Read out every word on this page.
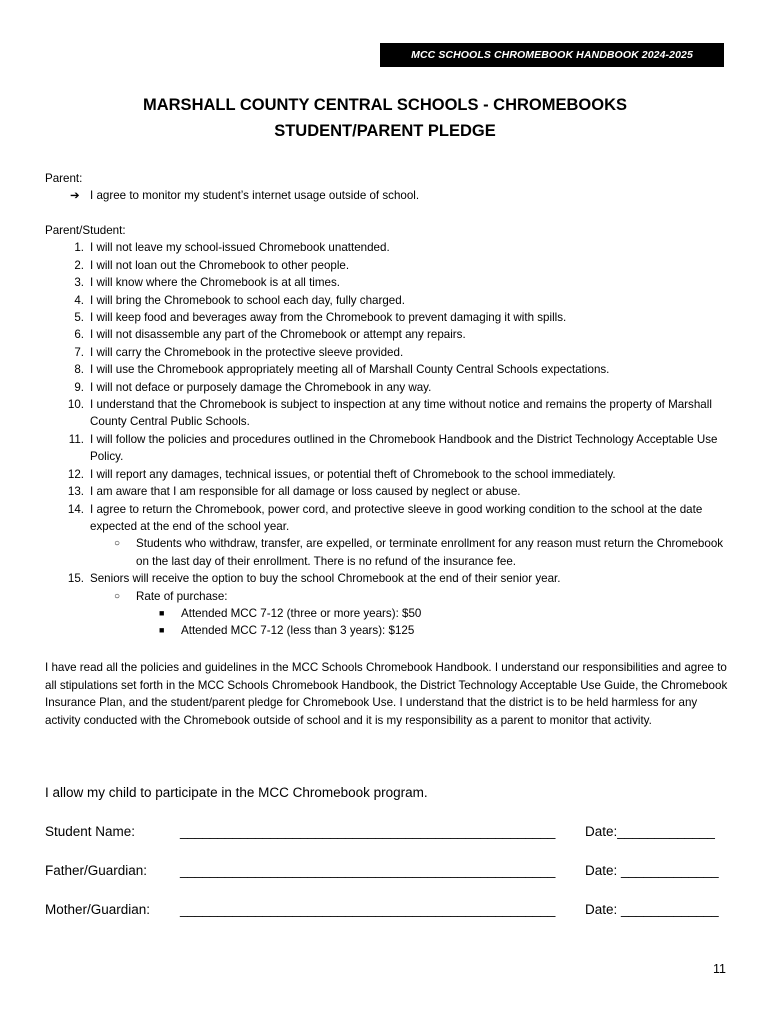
MCC SCHOOLS CHROMEBOOK HANDBOOK 2024-2025
MARSHALL COUNTY CENTRAL SCHOOLS - CHROMEBOOKS
STUDENT/PARENT PLEDGE
Parent:
➔ I agree to monitor my student’s internet usage outside of school.
Parent/Student:
1. I will not leave my school-issued Chromebook unattended.
2. I will not loan out the Chromebook to other people.
3. I will know where the Chromebook is at all times.
4. I will bring the Chromebook to school each day, fully charged.
5. I will keep food and beverages away from the Chromebook to prevent damaging it with spills.
6. I will not disassemble any part of the Chromebook or attempt any repairs.
7. I will carry the Chromebook in the protective sleeve provided.
8. I will use the Chromebook appropriately meeting all of Marshall County Central Schools expectations.
9. I will not deface or purposely damage the Chromebook in any way.
10. I understand that the Chromebook is subject to inspection at any time without notice and remains the property of Marshall County Central Public Schools.
11. I will follow the policies and procedures outlined in the Chromebook Handbook and the District Technology Acceptable Use Policy.
12. I will report any damages, technical issues, or potential theft of Chromebook to the school immediately.
13. I am aware that I am responsible for all damage or loss caused by neglect or abuse.
14. I agree to return the Chromebook, power cord, and protective sleeve in good working condition to the school at the date expected at the end of the school year.
○ Students who withdraw, transfer, are expelled, or terminate enrollment for any reason must return the Chromebook on the last day of their enrollment. There is no refund of the insurance fee.
15. Seniors will receive the option to buy the school Chromebook at the end of their senior year.
○ Rate of purchase:
■ Attended MCC 7-12 (three or more years): $50
■ Attended MCC 7-12 (less than 3 years): $125

I have read all the policies and guidelines in the MCC Schools Chromebook Handbook. I understand our responsibilities and agree to all stipulations set forth in the MCC Schools Chromebook Handbook, the District Technology Acceptable Use Guide, the Chromebook Insurance Plan, and the student/parent pledge for Chromebook Use. I understand that the district is to be held harmless for any activity conducted with the Chromebook outside of school and it is my responsibility as a parent to monitor that activity.

I allow my child to participate in the MCC Chromebook program.
Student Name:	__________________________________________________ Date:_____________
Father/Guardian: __________________________________________________ Date: _____________
Mother/Guardian: __________________________________________________ Date: _____________
11
